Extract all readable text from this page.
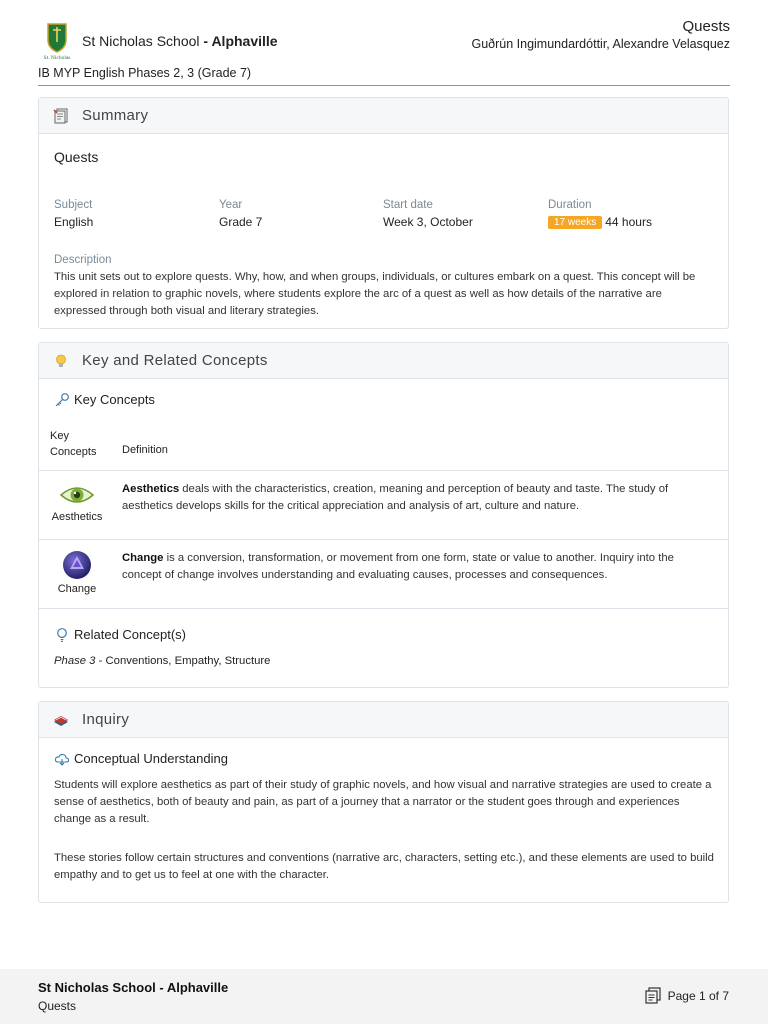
St. Nicholas
St Nicholas School - Alphaville
Quests
Guðrún Ingimundardóttir, Alexandre Velasquez
IB MYP English Phases 2, 3 (Grade 7)
Summary
Quests
Subject
English
Year
Grade 7
Start date
Week 3, October
Duration
17 weeks 44 hours
Description
This unit sets out to explore quests. Why, how, and when groups, individuals, or cultures embark on a quest. This concept will be explored in relation to graphic novels, where students explore the arc of a quest as well as how details of the narrative are expressed through both visual and literary strategies.
Key and Related Concepts
Key Concepts
Key
Concepts Definition
Aesthetics
Aesthetics deals with the characteristics, creation, meaning and perception of beauty and taste. The study of aesthetics develops skills for the critical appreciation and analysis of art, culture and nature.
Change
Change is a conversion, transformation, or movement from one form, state or value to another. Inquiry into the concept of change involves understanding and evaluating causes, processes and consequences.
Related Concept(s)
Phase 3 - Conventions, Empathy, Structure
Inquiry
Conceptual Understanding
Students will explore aesthetics as part of their study of graphic novels, and how visual and narrative strategies are used to create a sense of aesthetics, both of beauty and pain, as part of a journey that a narrator or the student goes through and experiences change as a result.
These stories follow certain structures and conventions (narrative arc, characters, setting etc.), and these elements are used to build empathy and to get us to feel at one with the character.
St Nicholas School - Alphaville
Quests
Page 1 of 7
